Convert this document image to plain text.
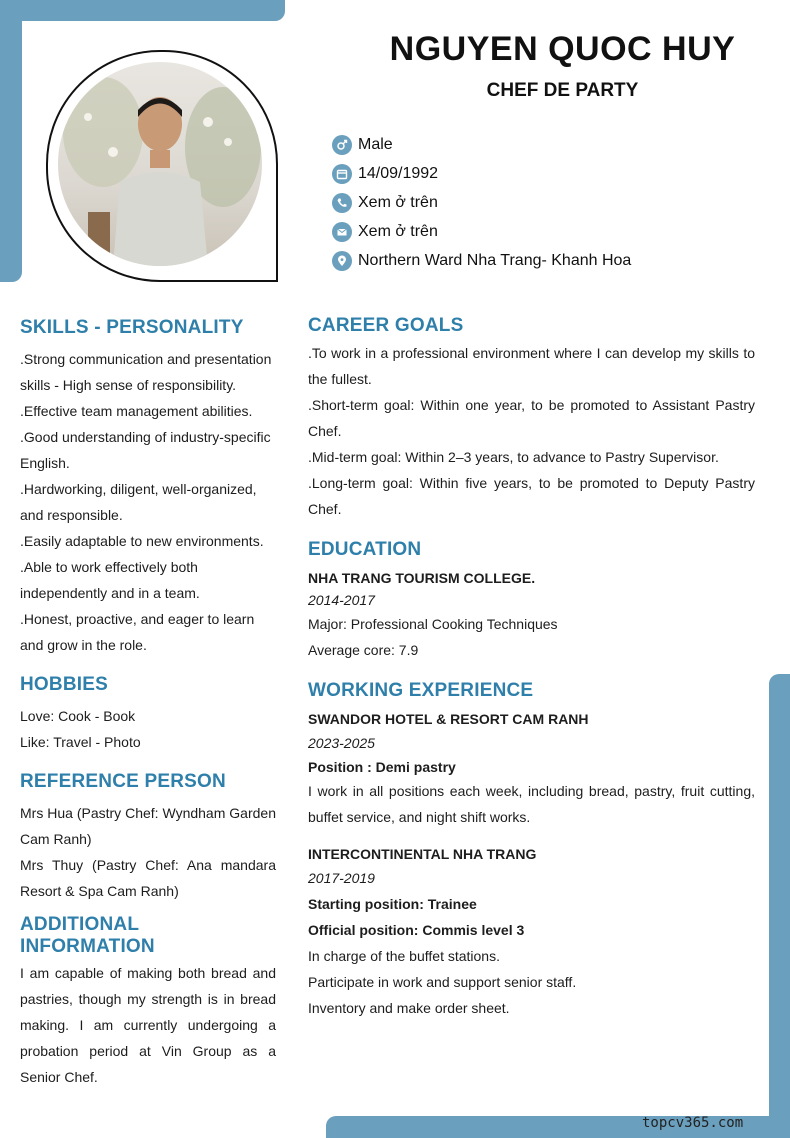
NGUYEN QUOC HUY
CHEF DE PARTY
Male
14/09/1992
Xem ở trên
Xem ở trên
Northern Ward Nha Trang- Khanh Hoa
SKILLS - PERSONALITY

.Strong communication and presentation skills - High sense of responsibility.

.Effective team management abilities.

.Good understanding of industry-specific English.

.Hardworking, diligent, well-organized, and responsible.

.Easily adaptable to new environments.

.Able to work effectively both independently and in a team.

.Honest, proactive, and eager to learn and grow in the role.

HOBBIES

Love: Cook - Book

Like: Travel - Photo

REFERENCE PERSON

Mrs Hua (Pastry Chef: Wyndham Garden Cam Ranh)

Mrs Thuy (Pastry Chef: Ana mandara Resort & Spa Cam Ranh)

ADDITIONAL INFORMATION

I am capable of making both bread and pastries, though my strength is in bread making. I am currently undergoing a probation period at Vin Group as a Senior Chef.

CAREER GOALS

.To work in a professional environment where I can develop my skills to the fullest.

.Short-term goal: Within one year, to be promoted to Assistant Pastry Chef.

.Mid-term goal: Within 2–3 years, to advance to Pastry Supervisor.

.Long-term goal: Within five years, to be promoted to Deputy Pastry Chef.

EDUCATION

NHA TRANG TOURISM COLLEGE.

2014-2017

Major: Professional Cooking Techniques

Average core: 7.9

WORKING EXPERIENCE

SWANDOR HOTEL & RESORT CAM RANH

2023-2025

Position : Demi pastry

I work in all positions each week, including bread, pastry, fruit cutting, buffet service, and night shift works.

INTERCONTINENTAL NHA TRANG

2017-2019

Starting position: Trainee

Official position: Commis level 3

In charge of the buffet stations.

Participate in work and support senior staff.

Inventory and make order sheet.

topcv365.com
